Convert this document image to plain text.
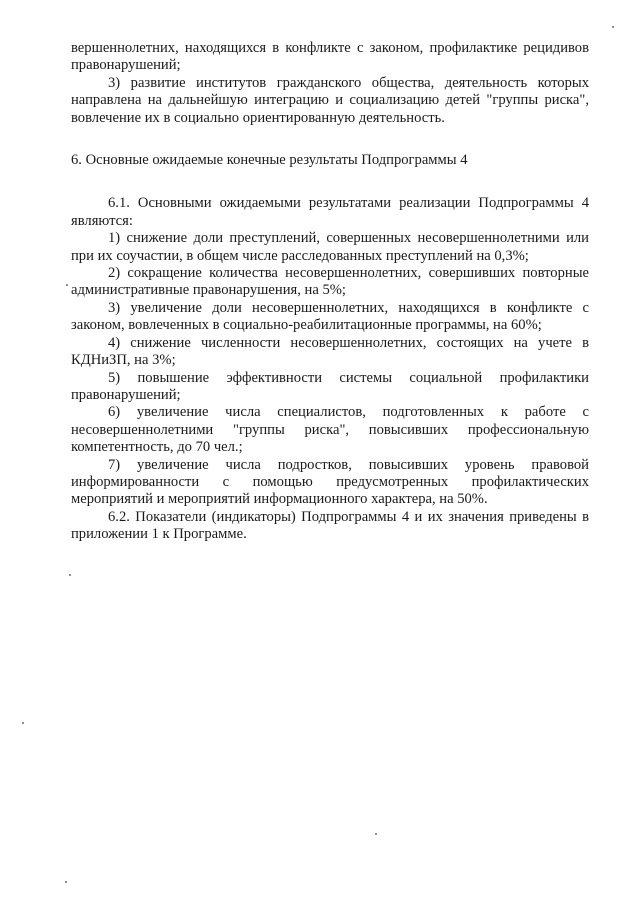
вершеннолетних, находящихся в конфликте с законом, профилактике рецидивов правонарушений;

3) развитие институтов гражданского общества, деятельность которых направлена на дальнейшую интеграцию и социализацию детей "группы риска", вовлечение их в социально ориентированную деятельность.

6. Основные ожидаемые конечные результаты Подпрограммы 4

6.1. Основными ожидаемыми результатами реализации Подпрограммы 4 являются:

1) снижение доли преступлений, совершенных несовершеннолетними или при их соучастии, в общем числе расследованных преступлений на 0,3%;

2) сокращение количества несовершеннолетних, совершивших повторные административные правонарушения, на 5%;

3) увеличение доли несовершеннолетних, находящихся в конфликте с законом, вовлеченных в социально-реабилитационные программы, на 60%;

4) снижение численности несовершеннолетних, состоящих на учете в КДНиЗП, на 3%;

5) повышение эффективности системы социальной профилактики правонарушений;

6) увеличение числа специалистов, подготовленных к работе с несовершеннолетними "группы риска", повысивших профессиональную компетентность, до 70 чел.;

7) увеличение числа подростков, повысивших уровень правовой информированности с помощью предусмотренных профилактических мероприятий и мероприятий информационного характера, на 50%.

6.2. Показатели (индикаторы) Подпрограммы 4 и их значения приведены в приложении 1 к Программе.
